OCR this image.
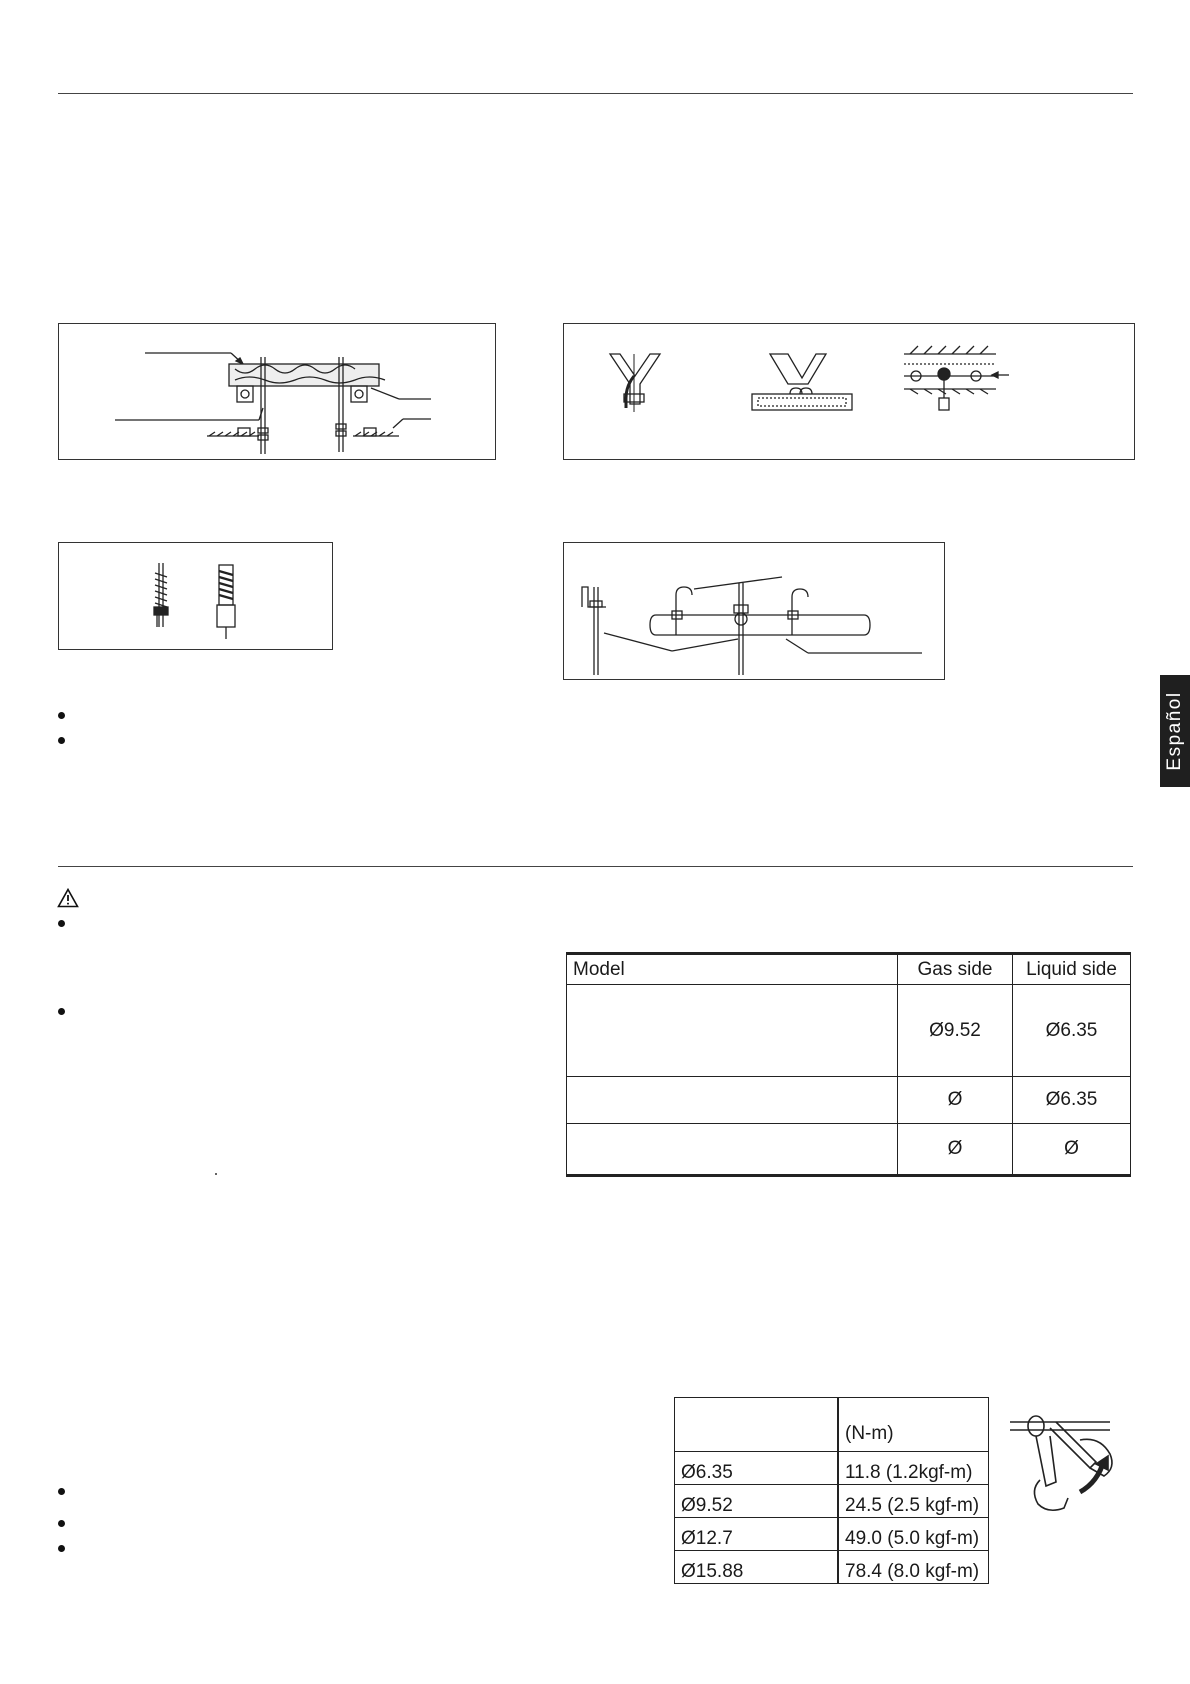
Español
Model	Gas side	Liquid side
	Ø9.52	Ø6.35
	Ø	Ø6.35
	Ø	Ø
	(N-m)
Ø6.35	11.8 (1.2kgf-m)
Ø9.52	24.5 (2.5 kgf-m)
Ø12.7	49.0 (5.0 kgf-m)
Ø15.88	78.4 (8.0 kgf-m)
